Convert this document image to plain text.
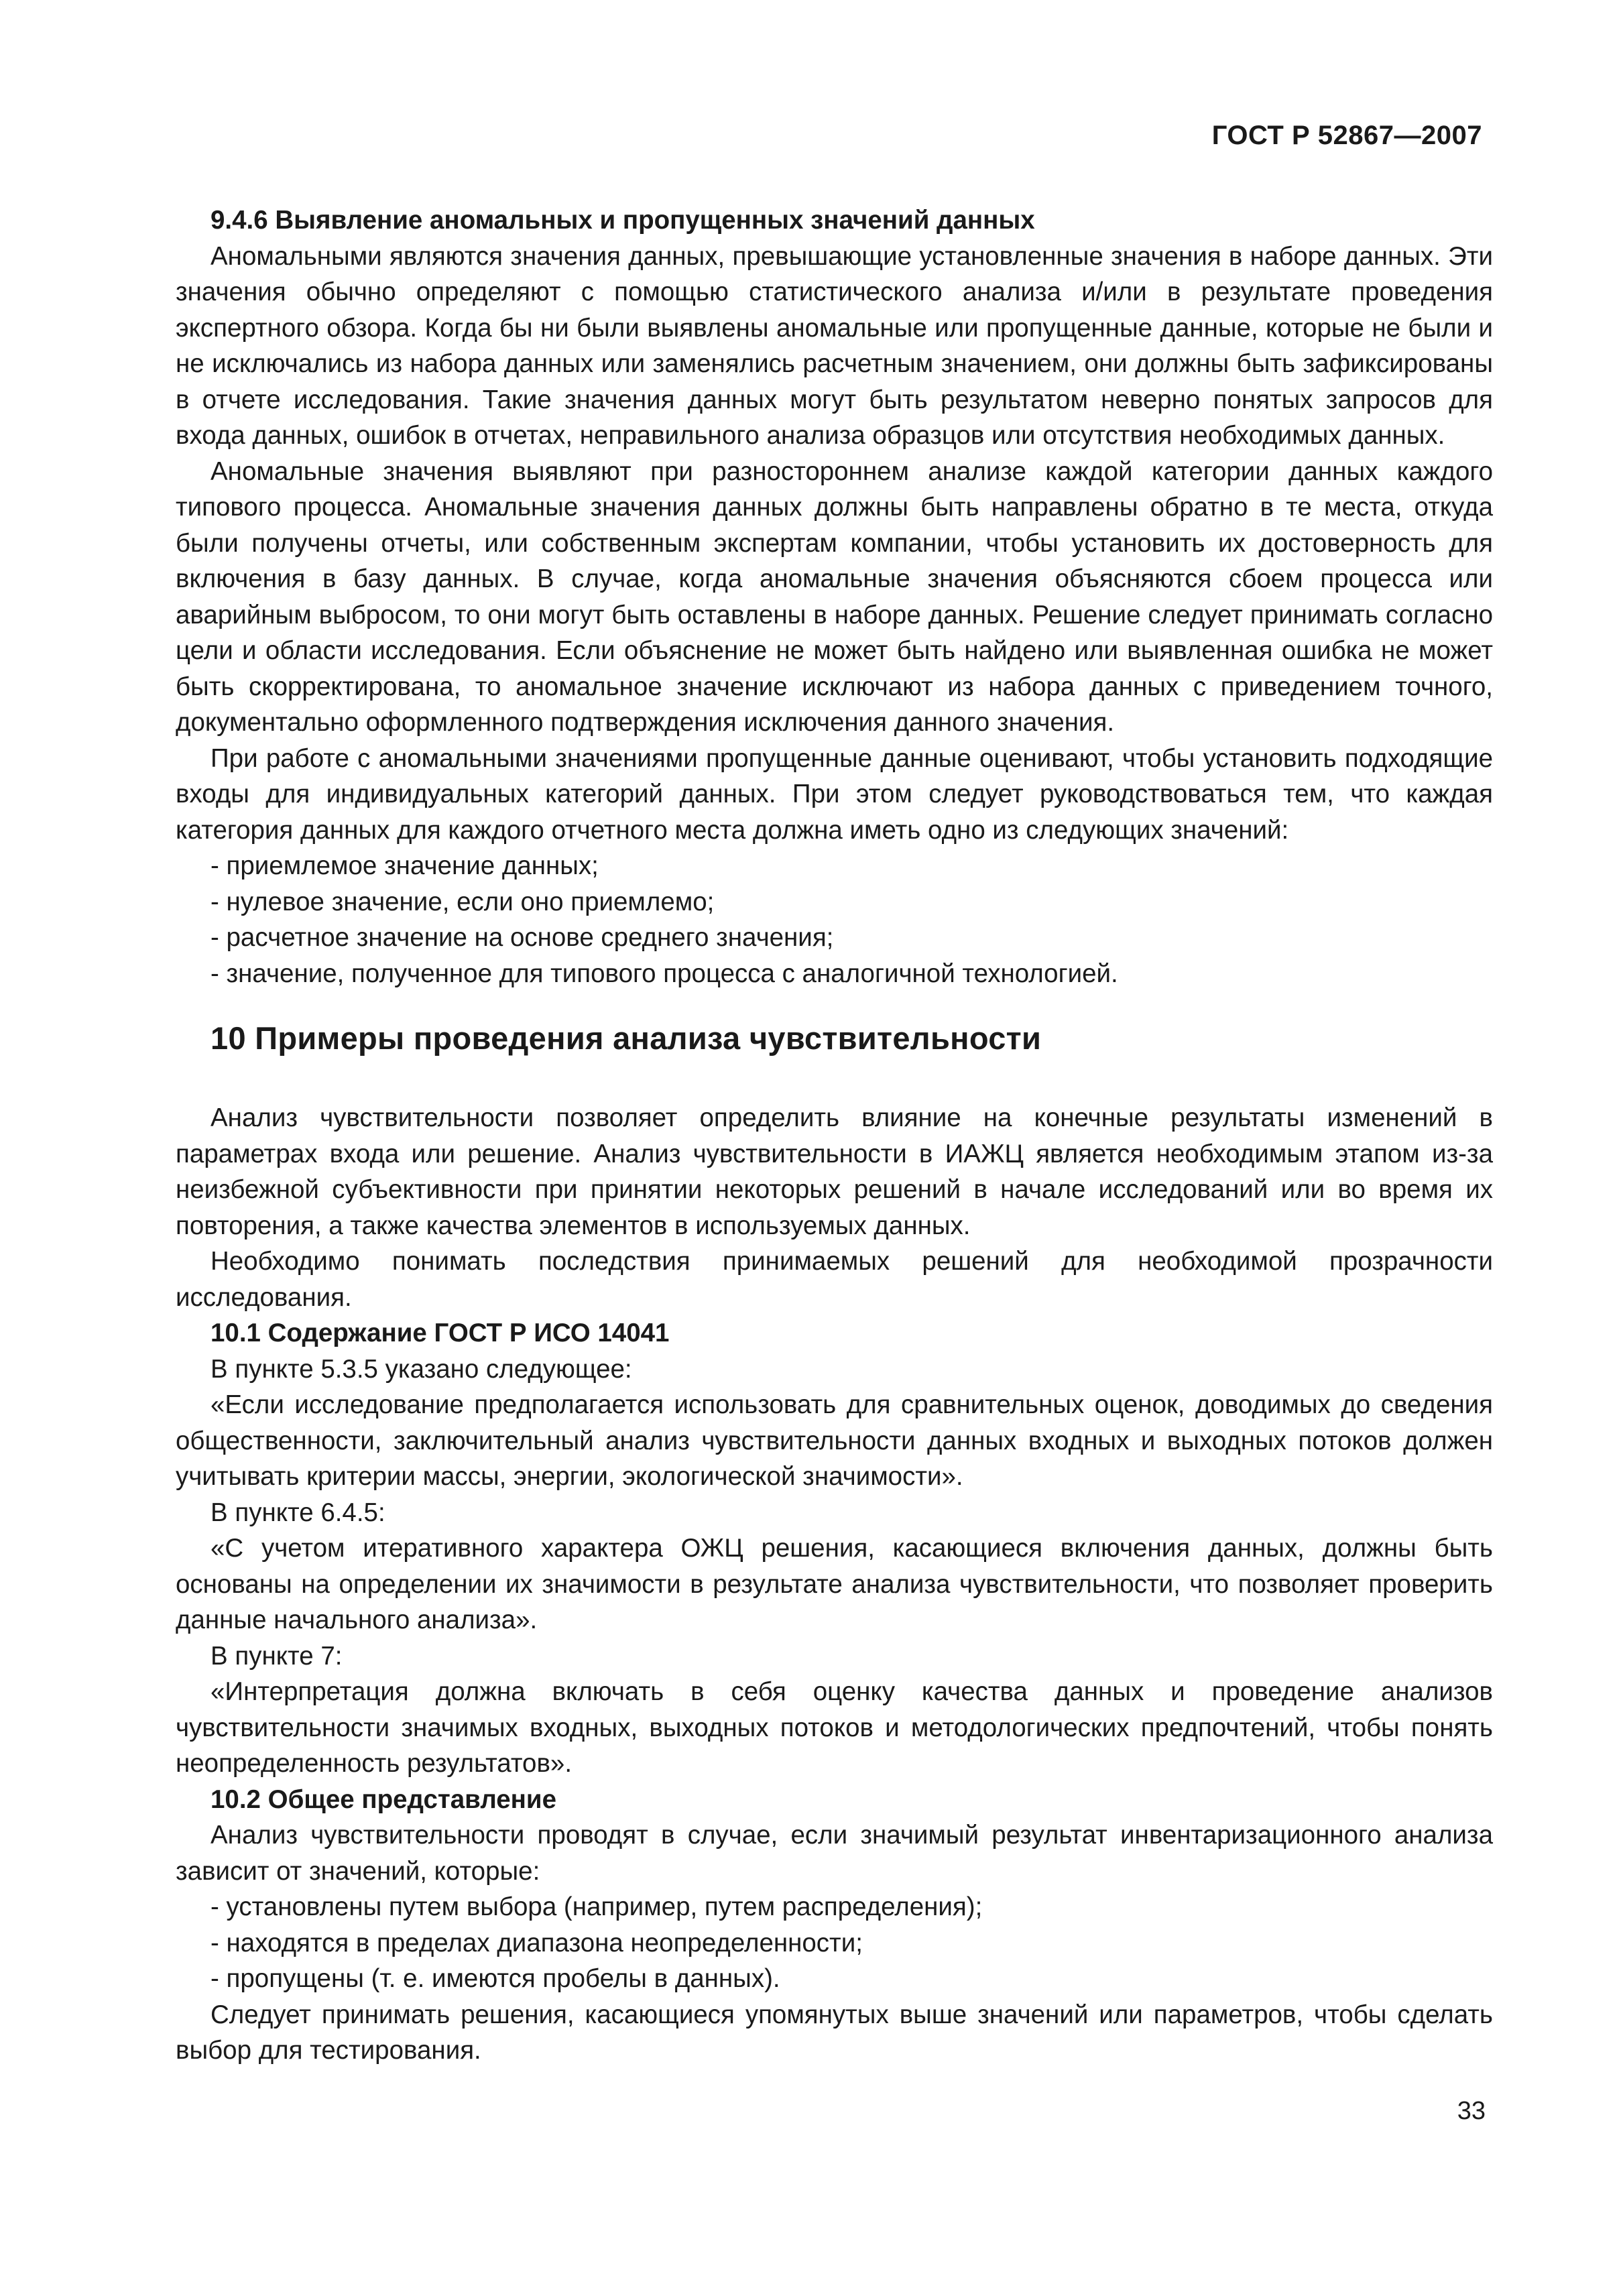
ГОСТ Р 52867—2007

9.4.6 Выявление аномальных и пропущенных значений данных

Аномальными являются значения данных, превышающие установленные значения в наборе данных. Эти значения обычно определяют с помощью статистического анализа и/или в результате проведения экспертного обзора. Когда бы ни были выявлены аномальные или пропущенные данные, которые не были и не исключались из набора данных или заменялись расчетным значением, они должны быть зафиксированы в отчете исследования. Такие значения данных могут быть результатом неверно понятых запросов для входа данных, ошибок в отчетах, неправильного анализа образцов или отсутствия необходимых данных.

Аномальные значения выявляют при разностороннем анализе каждой категории данных каждого типового процесса. Аномальные значения данных должны быть направлены обратно в те места, откуда были получены отчеты, или собственным экспертам компании, чтобы установить их достоверность для включения в базу данных. В случае, когда аномальные значения объясняются сбоем процесса или аварийным выбросом, то они могут быть оставлены в наборе данных. Решение следует принимать согласно цели и области исследования. Если объяснение не может быть найдено или выявленная ошибка не может быть скорректирована, то аномальное значение исключают из набора данных с приведением точного, документально оформленного подтверждения исключения данного значения.

При работе с аномальными значениями пропущенные данные оценивают, чтобы установить подходящие входы для индивидуальных категорий данных. При этом следует руководствоваться тем, что каждая категория данных для каждого отчетного места должна иметь одно из следующих значений:

- приемлемое значение данных;

- нулевое значение, если оно приемлемо;

- расчетное значение на основе среднего значения;

- значение, полученное для типового процесса с аналогичной технологией.

10 Примеры проведения анализа чувствительности

Анализ чувствительности позволяет определить влияние на конечные результаты изменений в параметрах входа или решение. Анализ чувствительности в ИАЖЦ является необходимым этапом из-за неизбежной субъективности при принятии некоторых решений в начале исследований или во время их повторения, а также качества элементов в используемых данных.

Необходимо понимать последствия принимаемых решений для необходимой прозрачности исследования.

10.1 Содержание ГОСТ Р ИСО 14041

В пункте 5.3.5 указано следующее:

«Если исследование предполагается использовать для сравнительных оценок, доводимых до сведения общественности, заключительный анализ чувствительности данных входных и выходных потоков должен учитывать критерии массы, энергии, экологической значимости».

В пункте 6.4.5:

«С учетом итеративного характера ОЖЦ решения, касающиеся включения данных, должны быть основаны на определении их значимости в результате анализа чувствительности, что позволяет проверить данные начального анализа».

В пункте 7:

«Интерпретация должна включать в себя оценку качества данных и проведение анализов чувствительности значимых входных, выходных потоков и методологических предпочтений, чтобы понять неопределенность результатов».

10.2 Общее представление

Анализ чувствительности проводят в случае, если значимый результат инвентаризационного анализа зависит от значений, которые:

- установлены путем выбора (например, путем распределения);

- находятся в пределах диапазона неопределенности;

- пропущены (т. е. имеются пробелы в данных).

Следует принимать решения, касающиеся упомянутых выше значений или параметров, чтобы сделать выбор для тестирования.

33
